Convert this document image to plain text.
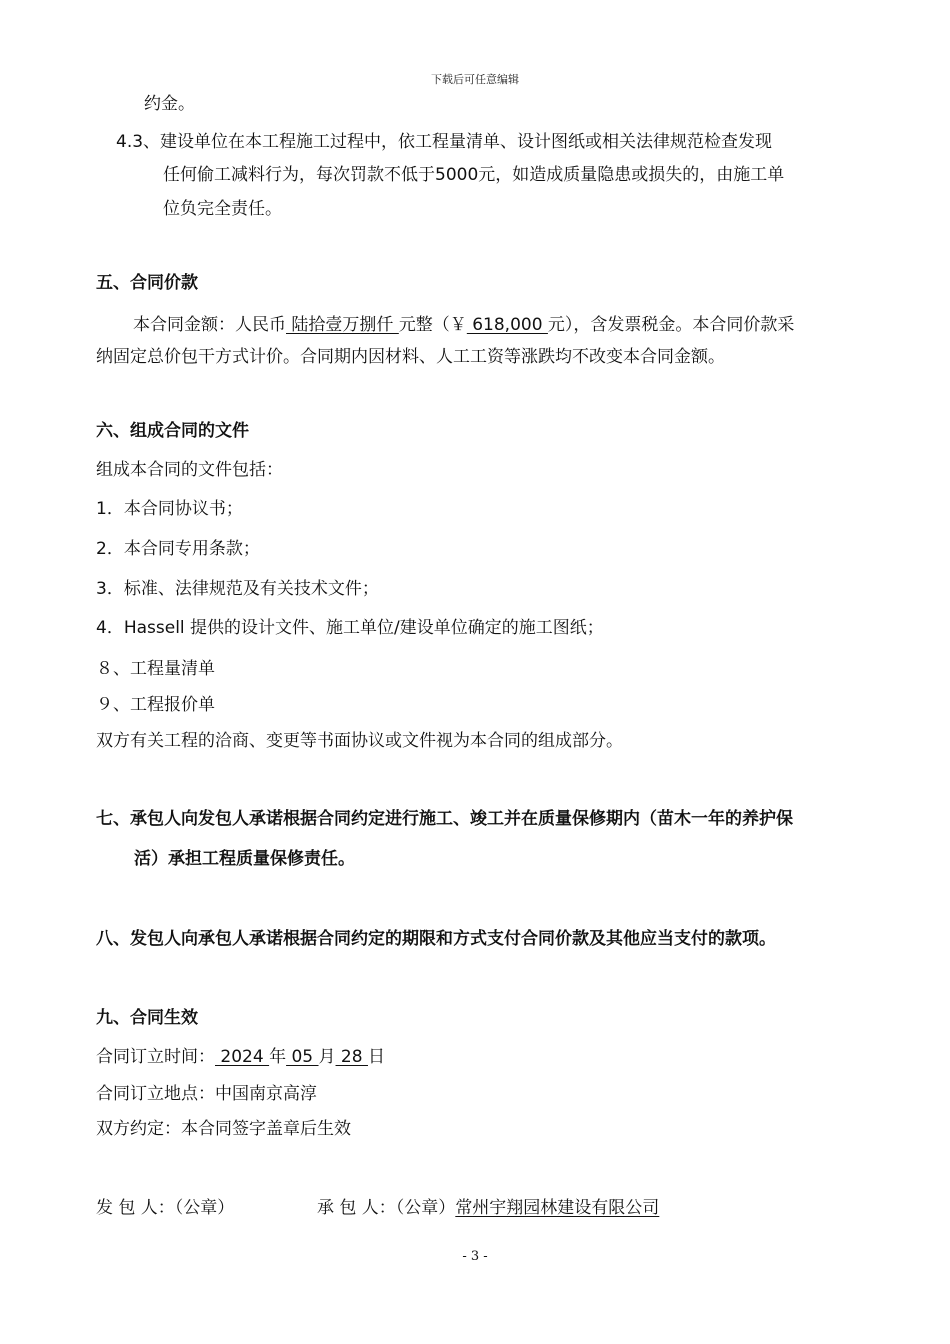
下载后可任意编辑
约金。
4.3、建设单位在本工程施工过程中，依工程量清单、设计图纸或相关法律规范检查发现
任何偷工减料行为，每次罚款不低于5000元，如造成质量隐患或损失的，由施工单
位负完全责任。
五、合同价款
本合同金额：人民币 陆拾壹万捌仟 元整（￥ 618,000 元），含发票税金。本合同价款采
纳固定总价包干方式计价。合同期内因材料、人工工资等涨跌均不改变本合同金额。
六、组成合同的文件
组成本合同的文件包括：
1．本合同协议书；
2．本合同专用条款；
3．标准、法律规范及有关技术文件；
4．Hassell 提供的设计文件、施工单位/建设单位确定的施工图纸；
８、工程量清单
９、工程报价单
双方有关工程的洽商、变更等书面协议或文件视为本合同的组成部分。
七、承包人向发包人承诺根据合同约定进行施工、竣工并在质量保修期内（苗木一年的养护保
活）承担工程质量保修责任。
八、发包人向承包人承诺根据合同约定的期限和方式支付合同价款及其他应当支付的款项。
九、合同生效
合同订立时间： 2024 年 05 月 28 日
合同订立地点：中国南京高淳
双方约定：本合同签字盖章后生效
发 包 人：（公章）	承 包 人：（公章）常州宇翔园林建设有限公司
- 3 -
